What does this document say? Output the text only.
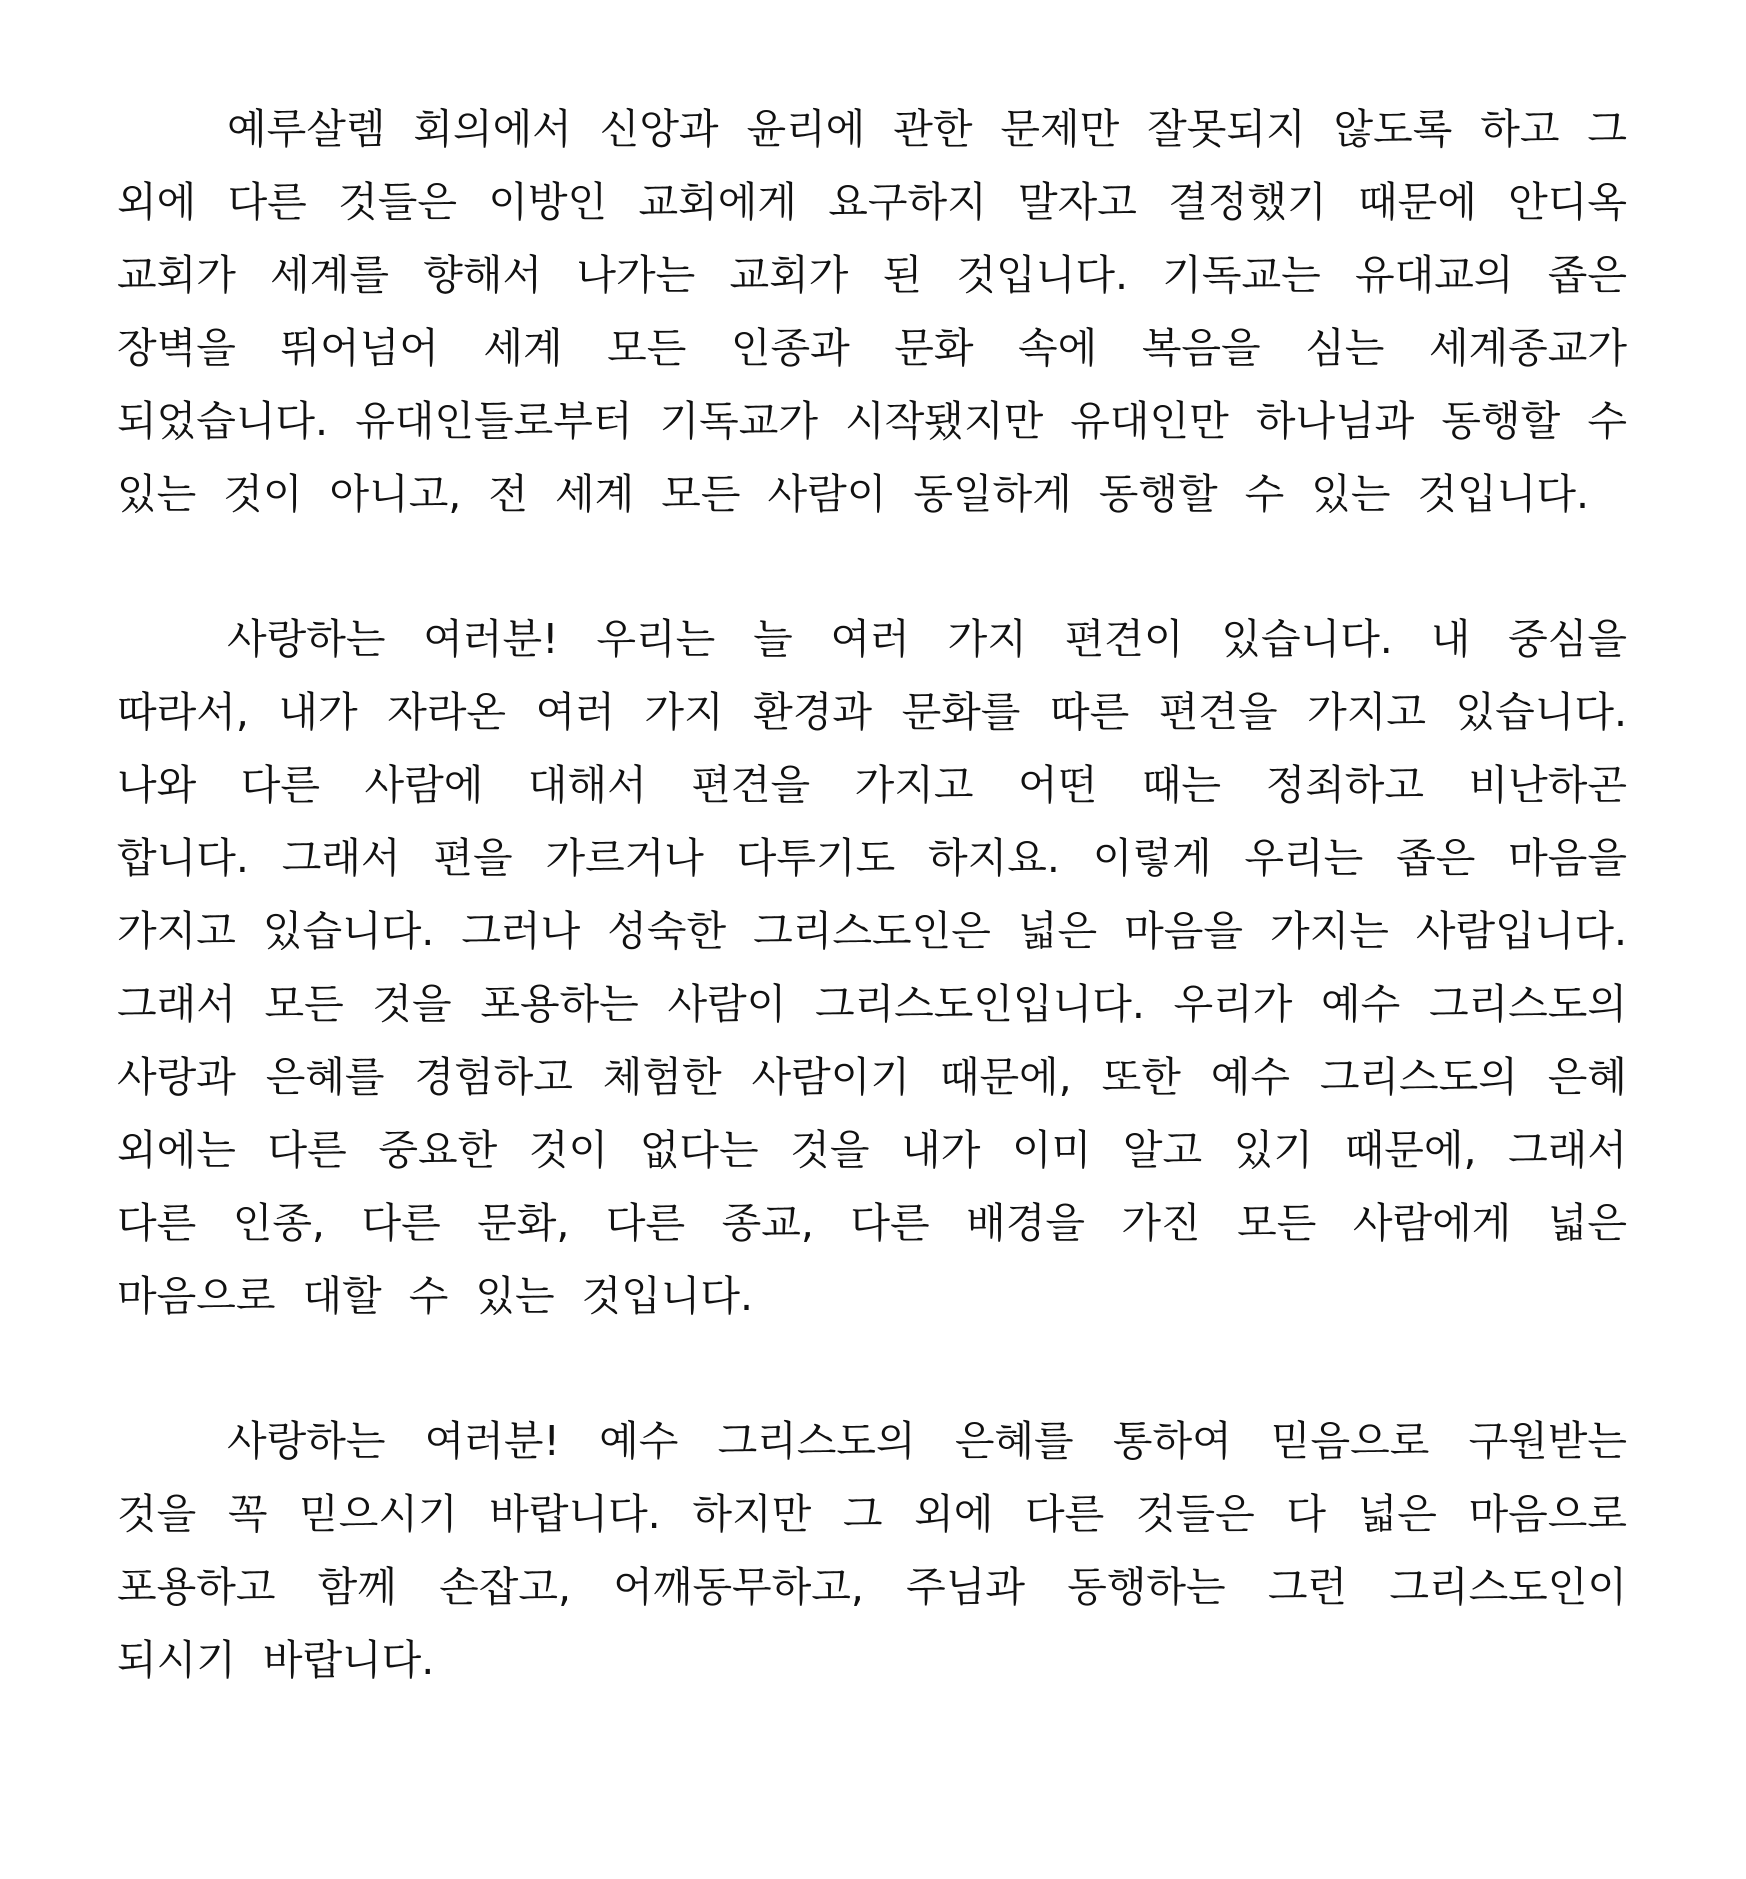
예루살렘 회의에서 신앙과 윤리에 관한 문제만 잘못되지 않도록 하고 그 외에 다른 것들은 이방인 교회에게 요구하지 말자고 결정했기 때문에 안디옥 교회가 세계를 향해서 나가는 교회가 된 것입니다. 기독교는 유대교의 좁은 장벽을 뛰어넘어 세계 모든 인종과 문화 속에 복음을 심는 세계종교가 되었습니다. 유대인들로부터 기독교가 시작됐지만 유대인만 하나님과 동행할 수 있는 것이 아니고, 전 세계 모든 사람이 동일하게 동행할 수 있는 것입니다.

사랑하는 여러분! 우리는 늘 여러 가지 편견이 있습니다. 내 중심을 따라서, 내가 자라온 여러 가지 환경과 문화를 따른 편견을 가지고 있습니다. 나와 다른 사람에 대해서 편견을 가지고 어떤 때는 정죄하고 비난하곤 합니다. 그래서 편을 가르거나 다투기도 하지요. 이렇게 우리는 좁은 마음을 가지고 있습니다. 그러나 성숙한 그리스도인은 넓은 마음을 가지는 사람입니다. 그래서 모든 것을 포용하는 사람이 그리스도인입니다. 우리가 예수 그리스도의 사랑과 은혜를 경험하고 체험한 사람이기 때문에, 또한 예수 그리스도의 은혜 외에는 다른 중요한 것이 없다는 것을 내가 이미 알고 있기 때문에, 그래서 다른 인종, 다른 문화, 다른 종교, 다른 배경을 가진 모든 사람에게 넓은 마음으로 대할 수 있는 것입니다.

사랑하는 여러분! 예수 그리스도의 은혜를 통하여 믿음으로 구원받는 것을 꼭 믿으시기 바랍니다. 하지만 그 외에 다른 것들은 다 넓은 마음으로 포용하고 함께 손잡고, 어깨동무하고, 주님과 동행하는 그런 그리스도인이 되시기 바랍니다.
